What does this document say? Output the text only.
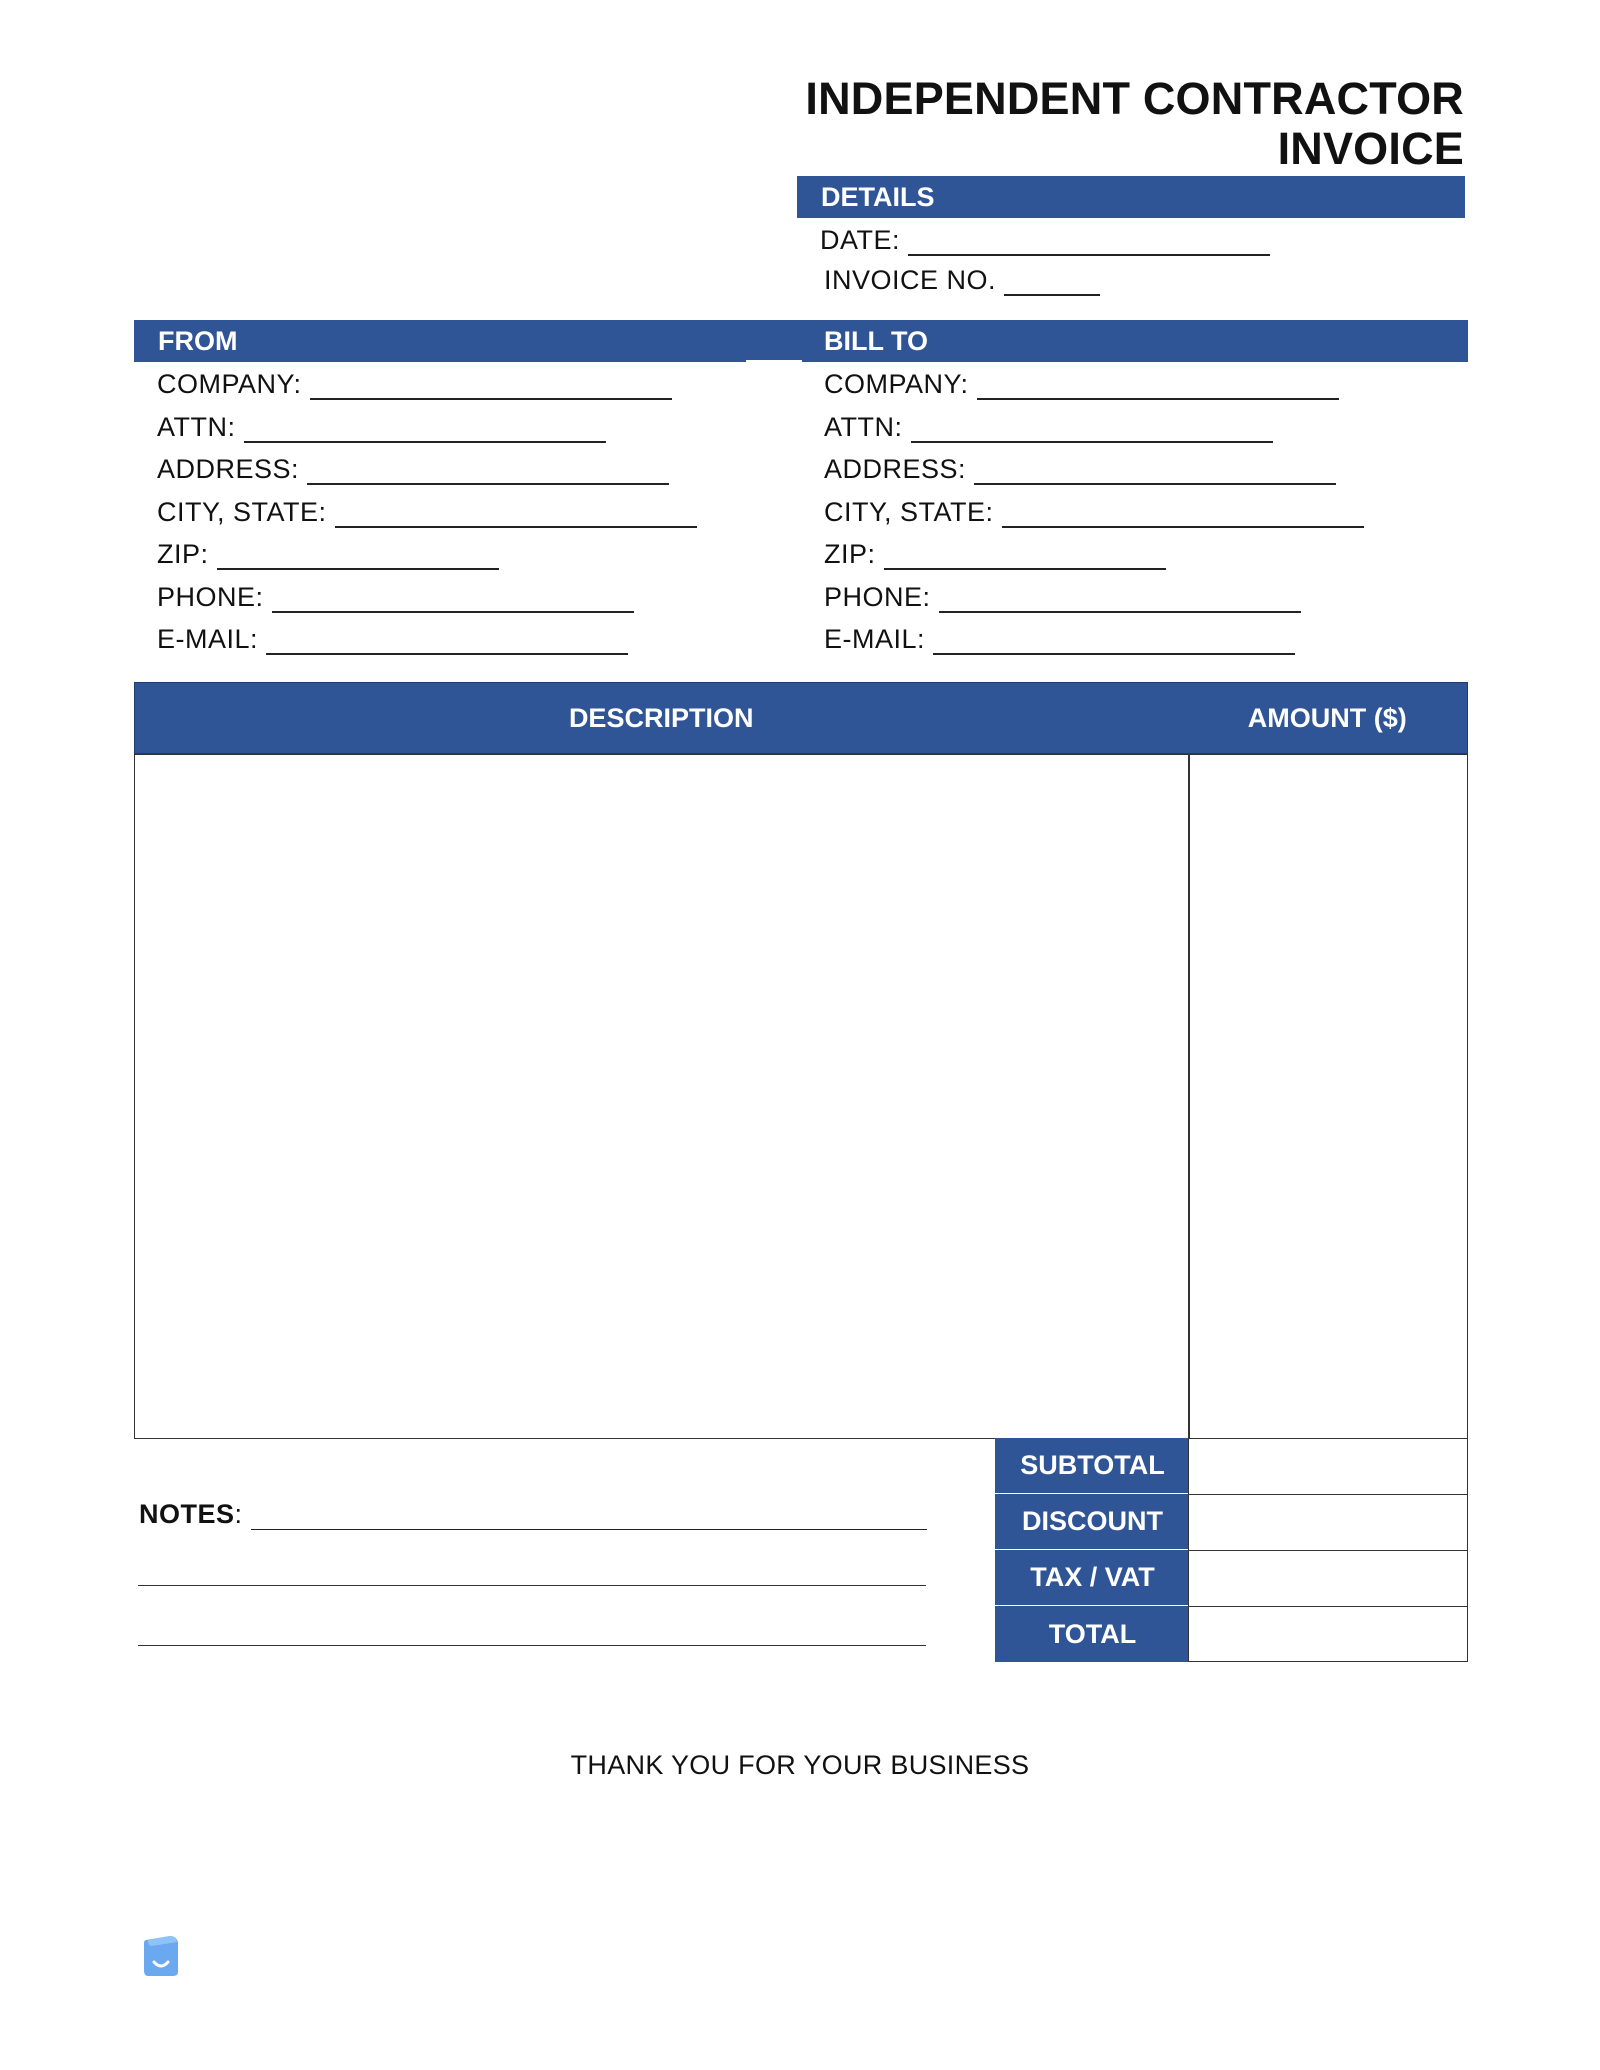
INDEPENDENT CONTRACTOR
INVOICE
DETAILS
DATE:
INVOICE NO.
FROM	BILL TO
COMPANY:
ATTN:
ADDRESS:
CITY, STATE:
ZIP:
PHONE:
E-MAIL:
COMPANY:
ATTN:
ADDRESS:
CITY, STATE:
ZIP:
PHONE:
E-MAIL:
DESCRIPTION	AMOUNT ($)
SUBTOTAL
DISCOUNT
TAX / VAT
TOTAL
NOTES :
THANK YOU FOR YOUR BUSINESS
